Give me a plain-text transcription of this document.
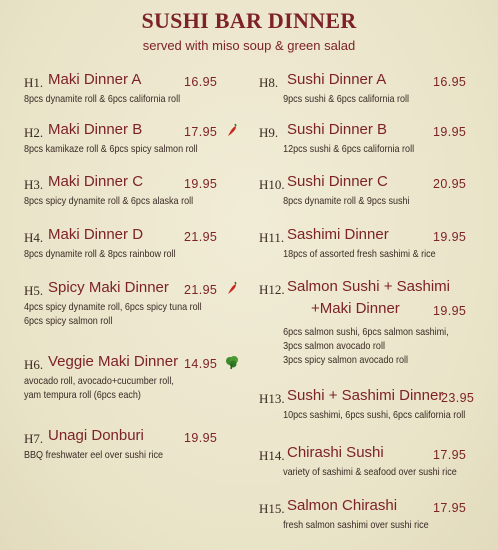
SUSHI BAR DINNER
served with miso soup & green salad
H1. Maki Dinner A	16.95
8pcs dynamite roll & 6pcs california roll
H2. Maki Dinner B	17.95
8pcs kamikaze roll & 6pcs spicy salmon roll
H3. Maki Dinner C	19.95
8pcs spicy dynamite roll & 6pcs alaska roll
H4. Maki Dinner D	21.95
8pcs dynamite roll & 8pcs rainbow roll
H5. Spicy Maki Dinner 21.95
4pcs spicy dynamite roll, 6pcs spicy tuna roll
6pcs spicy salmon roll
H6. Veggie Maki Dinner 14.95
avocado roll, avocado+cucumber roll,
yam tempura roll (6pcs each)
H7. Unagi Donburi	19.95
BBQ freshwater eel over sushi rice
H8. Sushi Dinner A	16.95
9pcs sushi & 6pcs california roll
H9. Sushi Dinner B	19.95
12pcs sushi & 6pcs california roll
H10. Sushi Dinner C	20.95
8pcs dynamite roll & 9pcs sushi
H11. Sashimi Dinner	19.95
18pcs of assorted fresh sashimi & rice
H12. Salmon Sushi + Sashimi
+Maki Dinner	19.95
6pcs salmon sushi, 6pcs salmon sashimi,
3pcs salmon avocado roll
3pcs spicy salmon avocado roll
H13. Sushi + Sashimi Dinner
23.95
10pcs sashimi, 6pcs sushi, 6pcs california roll
H14. Chirashi Sushi	17.95
variety of sashimi & seafood over sushi rice
H15. Salmon Chirashi	17.95
fresh salmon sashimi over sushi rice
